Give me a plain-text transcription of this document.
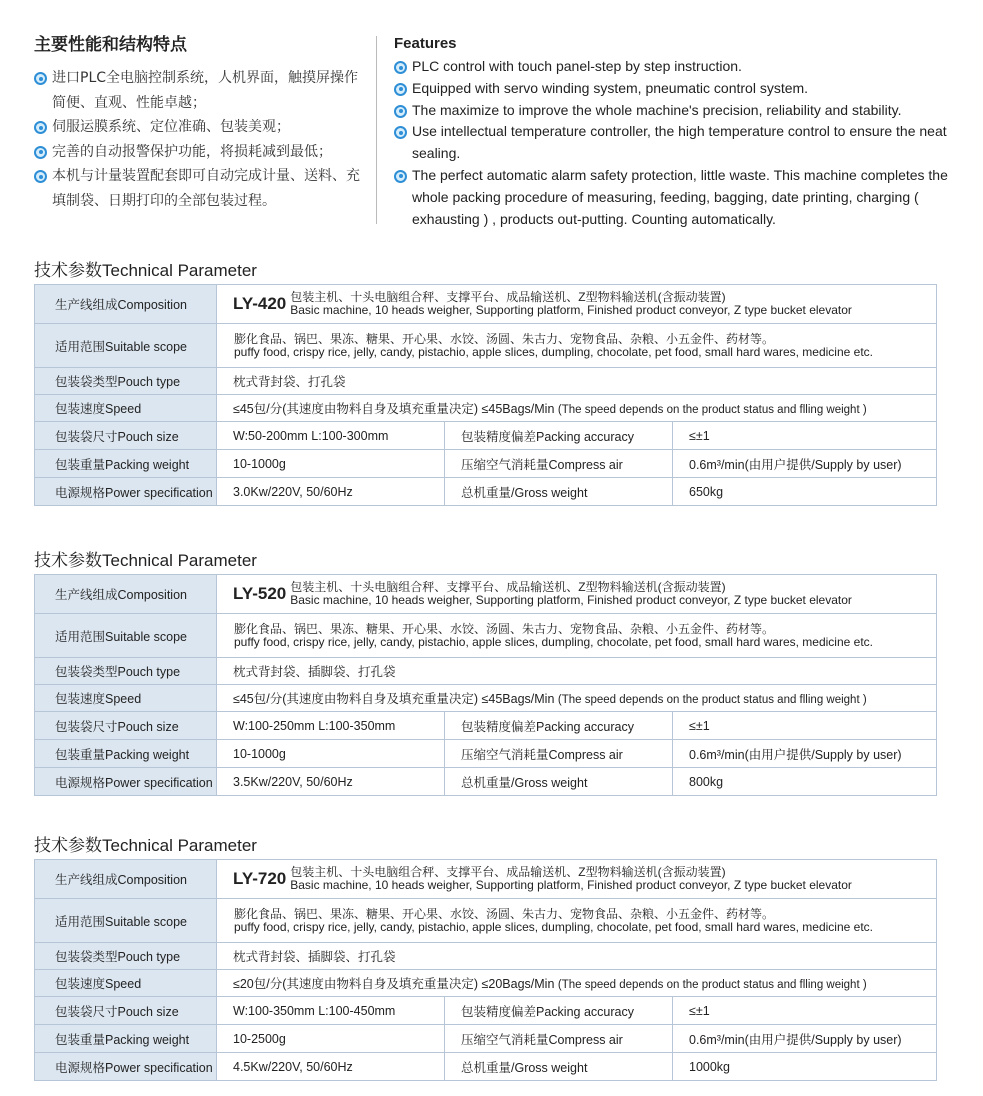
主要性能和结构特点
进口PLC全电脑控制系统，人机界面，触摸屏操作简便、直观、性能卓越；
伺服运膜系统、定位准确、包装美观；
完善的自动报警保护功能，将损耗减到最低；
本机与计量装置配套即可自动完成计量、送料、充填制袋、日期打印的全部包装过程。
Features
PLC control with touch panel-step by step instruction.
Equipped with servo winding system, pneumatic control system.
The maximize to improve the whole machine's precision, reliability and stability.
Use intellectual temperature controller, the high temperature control to ensure the neat sealing.
The perfect automatic alarm safety protection, little waste. This machine completes the whole packing procedure of measuring, feeding, bagging, date printing, charging ( exhausting ) , products out-putting. Counting automatically.
技术参数Technical Parameter
生产线组成Composition	LY-420 包装主机、十头电脑组合秤、支撑平台、成品输送机、Z型物料输送机(含振动装置)
Basic machine, 10 heads weigher, Supporting platform, Finished product conveyor, Z type bucket elevator		

适用范围Suitable scope	膨化食品、锅巴、果冻、糖果、开心果、水饺、汤圆、朱古力、宠物食品、杂粮、小五金件、药材等。
puffy food, crispy rice, jelly, candy, pistachio, apple slices, dumpling, chocolate, pet food, small hard wares, medicine etc.		

包装袋类型Pouch type	枕式背封袋、打孔袋		
包装速度Speed	≤45包/分(其速度由物料自身及填充重量决定) ≤45Bags/Min (The speed depends on the product status and flling weight )		
包装袋尺寸Pouch size	W:50-200mm L:100-300mm	包装精度偏差Packing accuracy	≤±1
包装重量Packing weight	10-1000g	压缩空气消耗量Compress air	0.6m³/min(由用户提供/Supply by user)
电源规格Power specification	3.0Kw/220V, 50/60Hz	总机重量/Gross weight	650kg
技术参数Technical Parameter
生产线组成Composition	LY-520 包装主机、十头电脑组合秤、支撑平台、成品输送机、Z型物料输送机(含振动装置)
Basic machine, 10 heads weigher, Supporting platform, Finished product conveyor, Z type bucket elevator		

适用范围Suitable scope	膨化食品、锅巴、果冻、糖果、开心果、水饺、汤圆、朱古力、宠物食品、杂粮、小五金件、药材等。
puffy food, crispy rice, jelly, candy, pistachio, apple slices, dumpling, chocolate, pet food, small hard wares, medicine etc.		

包装袋类型Pouch type	枕式背封袋、插脚袋、打孔袋		
包装速度Speed	≤45包/分(其速度由物料自身及填充重量决定) ≤45Bags/Min (The speed depends on the product status and flling weight )		
包装袋尺寸Pouch size	W:100-250mm L:100-350mm	包装精度偏差Packing accuracy	≤±1
包装重量Packing weight	10-1000g	压缩空气消耗量Compress air	0.6m³/min(由用户提供/Supply by user)
电源规格Power specification	3.5Kw/220V, 50/60Hz	总机重量/Gross weight	800kg
技术参数Technical Parameter
生产线组成Composition	LY-720 包装主机、十头电脑组合秤、支撑平台、成品输送机、Z型物料输送机(含振动装置)
Basic machine, 10 heads weigher, Supporting platform, Finished product conveyor, Z type bucket elevator		

适用范围Suitable scope	膨化食品、锅巴、果冻、糖果、开心果、水饺、汤圆、朱古力、宠物食品、杂粮、小五金件、药材等。
puffy food, crispy rice, jelly, candy, pistachio, apple slices, dumpling, chocolate, pet food, small hard wares, medicine etc.		

包装袋类型Pouch type	枕式背封袋、插脚袋、打孔袋		
包装速度Speed	≤20包/分(其速度由物料自身及填充重量决定) ≤20Bags/Min (The speed depends on the product status and flling weight )		
包装袋尺寸Pouch size	W:100-350mm L:100-450mm	包装精度偏差Packing accuracy	≤±1
包装重量Packing weight	10-2500g	压缩空气消耗量Compress air	0.6m³/min(由用户提供/Supply by user)
电源规格Power specification	4.5Kw/220V, 50/60Hz	总机重量/Gross weight	1000kg
